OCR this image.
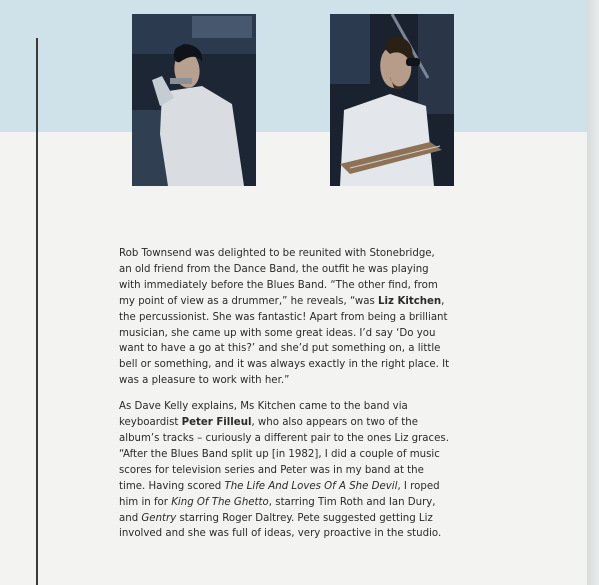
Rob Townsend was delighted to be reunited with Stonebridge,
an old friend from the Dance Band, the outfit he was playing
with immediately before the Blues Band. “The other find, from
my point of view as a drummer,” he reveals, “was Liz Kitchen,
the percussionist. She was fantastic! Apart from being a brilliant
musician, she came up with some great ideas. I’d say ‘Do you
want to have a go at this?’ and she’d put something on, a little
bell or something, and it was always exactly in the right place. It
was a pleasure to work with her.”

As Dave Kelly explains, Ms Kitchen came to the band via
keyboardist Peter Filleul, who also appears on two of the
album’s tracks – curiously a different pair to the ones Liz graces.
“After the Blues Band split up [in 1982], I did a couple of music
scores for television series and Peter was in my band at the
time. Having scored The Life And Loves Of A She Devil, I roped
him in for King Of The Ghetto, starring Tim Roth and Ian Dury,
and Gentry starring Roger Daltrey. Pete suggested getting Liz
involved and she was full of ideas, very proactive in the studio.
